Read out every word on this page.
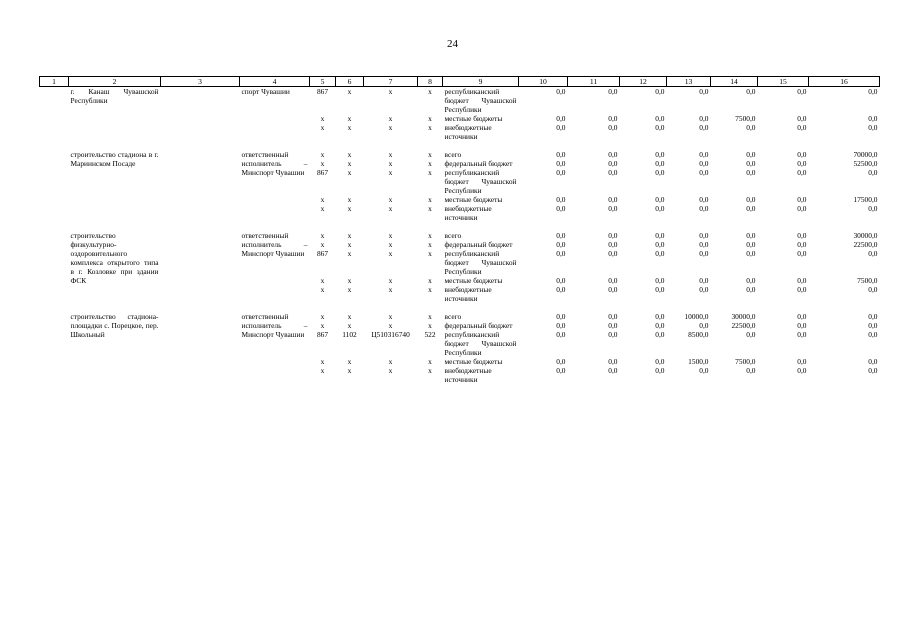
24
1	2	3	4	5	6	7	8	9	10	11	12	13	14	15	16
	г. Канаш Чувашской Республики		спорт Чувашии	867	х	х	х	республиканский бюджет Чувашской Республики	0,0	0,0	0,0	0,0	0,0	0,0	0,0
				х	х	х	х	местные бюджеты	0,0	0,0	0,0	0,0	7500,0	0,0	0,0
				х	х	х	х	внебюджетные источники	0,0	0,0	0,0	0,0	0,0	0,0	0,0

	строительство стадиона в г. Мариинском Посаде		ответственный исполнитель – Минспорт Чувашии	х	х	х	х	всего	0,0	0,0	0,0	0,0	0,0	0,0	70000,0
				х	х	х	х	федеральный бюджет	0,0	0,0	0,0	0,0	0,0	0,0	52500,0
				867	х	х	х	республиканский бюджет Чувашской Республики	0,0	0,0	0,0	0,0	0,0	0,0	0,0
				х	х	х	х	местные бюджеты	0,0	0,0	0,0	0,0	0,0	0,0	17500,0
				х	х	х	х	внебюджетные источники	0,0	0,0	0,0	0,0	0,0	0,0	0,0

	строительство физкультурно-оздоровительного комплекса открытого типа в г. Козловке при здании ФСК		ответственный исполнитель – Минспорт Чувашии	х	х	х	х	всего	0,0	0,0	0,0	0,0	0,0	0,0	30000,0
				х	х	х	х	федеральный бюджет	0,0	0,0	0,0	0,0	0,0	0,0	22500,0
				867	х	х	х	республиканский бюджет Чувашской Республики	0,0	0,0	0,0	0,0	0,0	0,0	0,0
				х	х	х	х	местные бюджеты	0,0	0,0	0,0	0,0	0,0	0,0	7500,0
				х	х	х	х	внебюджетные источники	0,0	0,0	0,0	0,0	0,0	0,0	0,0

	строительство стадиона-площадки с. Порецкое, пер. Школьный		ответственный исполнитель – Минспорт Чувашии	х	х	х	х	всего	0,0	0,0	0,0	10000,0	30000,0	0,0	0,0
				х	х	х	х	федеральный бюджет	0,0	0,0	0,0	0,0	22500,0	0,0	0,0
				867	1102	Ц510316740	522	республиканский бюджет Чувашской Республики	0,0	0,0	0,0	8500,0	0,0	0,0	0,0
				х	х	х	х	местные бюджеты	0,0	0,0	0,0	1500,0	7500,0	0,0	0,0
				х	х	х	х	внебюджетные источники	0,0	0,0	0,0	0,0	0,0	0,0	0,0
